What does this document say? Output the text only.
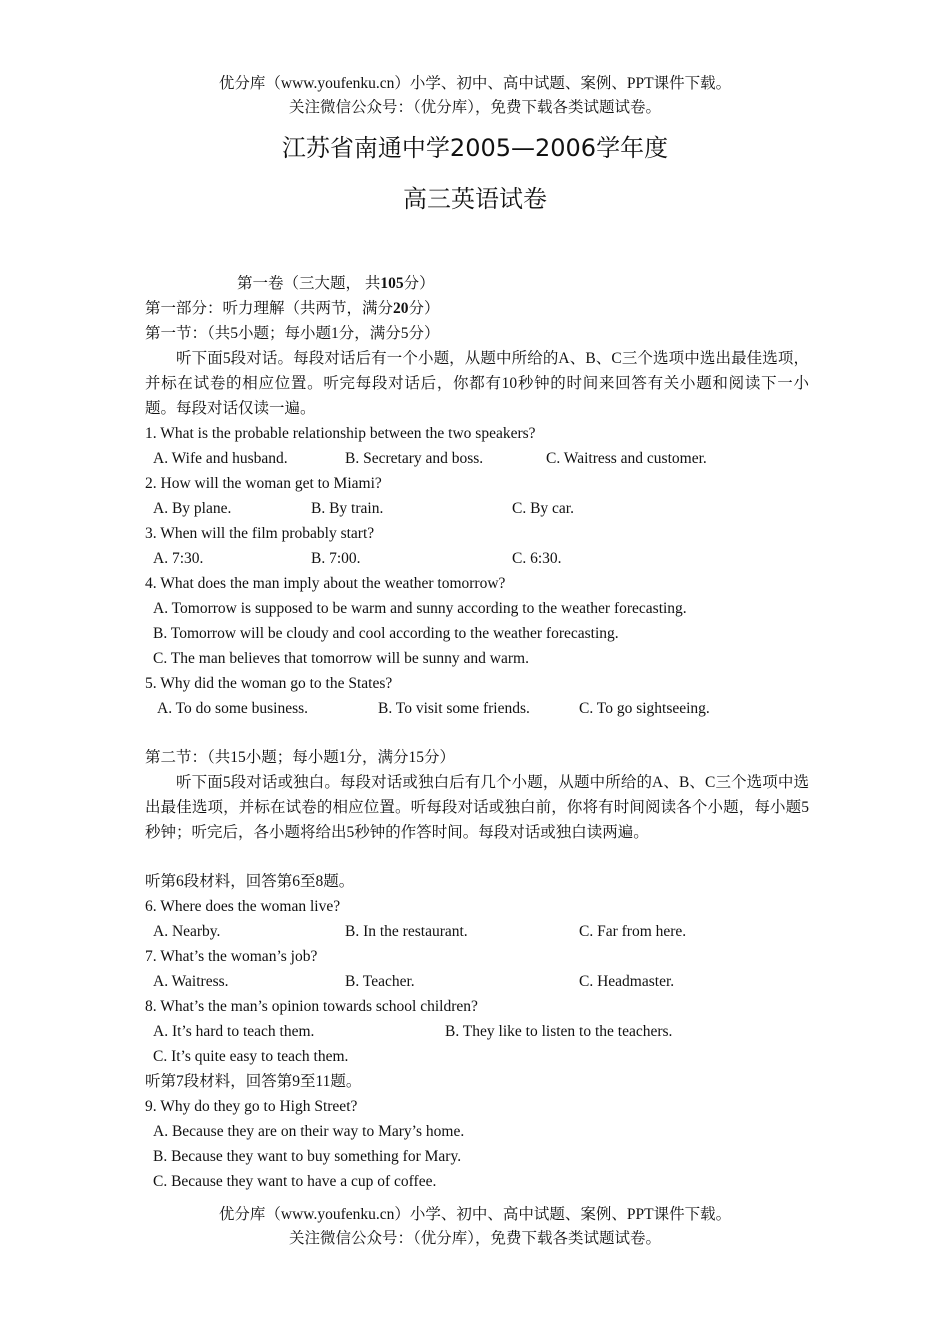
优分库（www.youfenku.cn）小学、初中、高中试题、案例、PPT课件下载。
关注微信公众号：（优分库），免费下载各类试题试卷。
江苏省南通中学2005—2006学年度
高三英语试卷
第一卷（三大题， 共105分）
第一部分：听力理解（共两节，满分20分）
第一节：（共5小题；每小题1分，满分5分）
听下面5段对话。每段对话后有一个小题，从题中所给的A、B、C三个选项中选出最佳选项，并标在试卷的相应位置。听完每段对话后，你都有10秒钟的时间来回答有关小题和阅读下一小题。每段对话仅读一遍。
1. What is the probable relationship between the two speakers?
A. Wife and husband.	B. Secretary and boss.	C. Waitress and customer.
2. How will the woman get to Miami?
A. By plane.	B. By train.	C. By car.
3. When will the film probably start?
A. 7:30.	B. 7:00.	C. 6:30.
4. What does the man imply about the weather tomorrow?
A. Tomorrow is supposed to be warm and sunny according to the weather forecasting.
B. Tomorrow will be cloudy and cool according to the weather forecasting.
C. The man believes that tomorrow will be sunny and warm.
5. Why did the woman go to the States?
A. To do some business.	B. To visit some friends.	C. To go sightseeing.
第二节：（共15小题；每小题1分，满分15分）
听下面5段对话或独白。每段对话或独白后有几个小题，从题中所给的A、B、C三个选项中选出最佳选项，并标在试卷的相应位置。听每段对话或独白前，你将有时间阅读各个小题，每小题5秒钟；听完后，各小题将给出5秒钟的作答时间。每段对话或独白读两遍。
听第6段材料，回答第6至8题。
6. Where does the woman live?
A. Nearby.	B. In the restaurant.	C. Far from here.
7. What’s the woman’s job?
A. Waitress.	B. Teacher.	C. Headmaster.
8. What’s the man’s opinion towards school children?
A. It’s hard to teach them.	B. They like to listen to the teachers.
C. It’s quite easy to teach them.
听第7段材料，回答第9至11题。
9. Why do they go to High Street?
A. Because they are on their way to Mary’s home.
B. Because they want to buy something for Mary.
C. Because they want to have a cup of coffee.
优分库（www.youfenku.cn）小学、初中、高中试题、案例、PPT课件下载。
关注微信公众号：（优分库），免费下载各类试题试卷。
